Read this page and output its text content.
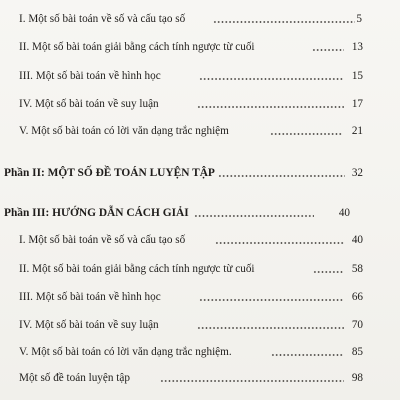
I. Một số bài toán về số và cấu tạo số	5
II. Một số bài toán giải bằng cách tính ngược từ cuối	13
III. Một số bài toán về hình học	15
IV. Một số bài toán về suy luận	17
V. Một số bài toán có lời văn dạng trắc nghiệm	21
Phần II: MỘT SỐ ĐỀ TOÁN LUYỆN TẬP	32
Phần III: HƯỚNG DẪN CÁCH GIẢI	40
I. Một số bài toán về số và cấu tạo số	40
II. Một số bài toán giải bằng cách tính ngược từ cuối	58
III. Một số bài toán về hình học	66
IV. Một số bài toán về suy luận	70
V. Một số bài toán có lời văn dạng trắc nghiệm.	85
Một số đề toán luyện tập	98
